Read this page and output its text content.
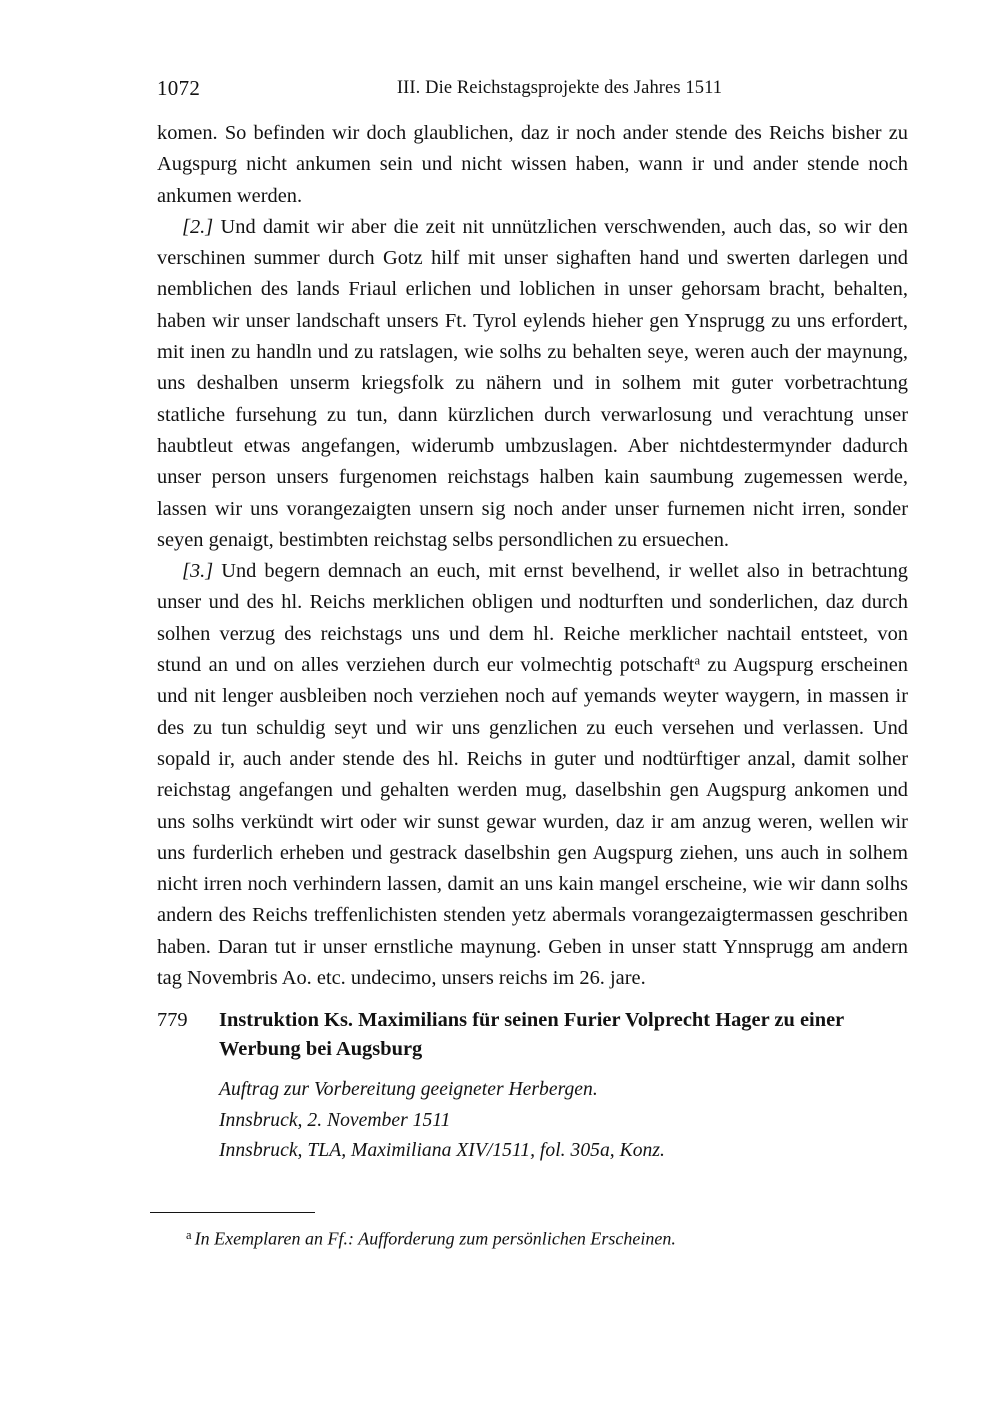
1072	III. Die Reichstagsprojekte des Jahres 1511

komen. So befinden wir doch glaublichen, daz ir noch ander stende des Reichs bisher zu Augspurg nicht ankumen sein und nicht wissen haben, wann ir und ander stende noch ankumen werden.

[2.] Und damit wir aber die zeit nit unnützlichen verschwenden, auch das, so wir den verschinen summer durch Gotz hilf mit unser sighaften hand und swerten darlegen und nemblichen des lands Friaul erlichen und loblichen in unser gehorsam bracht, behalten, haben wir unser landschaft unsers Ft. Tyrol eylends hieher gen Ynsprugg zu uns erfordert, mit inen zu handln und zu ratslagen, wie solhs zu behalten seye, weren auch der maynung, uns deshalben unserm kriegsfolk zu nähern und in solhem mit guter vorbetrachtung statliche fursehung zu tun, dann kürzlichen durch verwarlosung und verachtung unser haubtleut etwas angefangen, widerumb umbzuslagen. Aber nichtdestermynder dadurch unser person unsers furgenomen reichstags halben kain saumbung zugemessen werde, lassen wir uns vorangezaigten unsern sig noch ander unser furnemen nicht irren, sonder seyen genaigt, bestimbten reichstag selbs persondlichen zu ersuechen.

[3.] Und begern demnach an euch, mit ernst bevelhend, ir wellet also in betrachtung unser und des hl. Reichs merklichen obligen und nodturften und sonderlichen, daz durch solhen verzug des reichstags uns und dem hl. Reiche merklicher nachtail entsteet, von stund an und on alles verziehen durch eur volmechtig potschaft$^a$ zu Augspurg erscheinen und nit lenger ausbleiben noch verziehen noch auf yemands weyter waygern, in massen ir des zu tun schuldig seyt und wir uns genzlichen zu euch versehen und verlassen. Und sopald ir, auch ander stende des hl. Reichs in guter und nodtürftiger anzal, damit solher reichstag angefangen und gehalten werden mug, daselbshin gen Augspurg ankomen und uns solhs verkündt wirt oder wir sunst gewar wurden, daz ir am anzug weren, wellen wir uns furderlich erheben und gestrack daselbshin gen Augspurg ziehen, uns auch in solhem nicht irren noch verhindern lassen, damit an uns kain mangel erscheine, wie wir dann solhs andern des Reichs treffenlichisten stenden yetz abermals vorangezaigtermassen geschriben haben. Daran tut ir unser ernstliche maynung. Geben in unser statt Ynnsprugg am andern tag Novembris Ao. etc. undecimo, unsers reichs im 26. jare.

779 Instruktion Ks. Maximilians für seinen Furier Volprecht Hager zu einer Werbung bei Augsburg
Auftrag zur Vorbereitung geeigneter Herbergen.
Innsbruck, 2. November 1511
Innsbruck, TLA, Maximiliana XIV/1511, fol. 305a, Konz.
$^a$ In Exemplaren an Ff.: Aufforderung zum persönlichen Erscheinen.
